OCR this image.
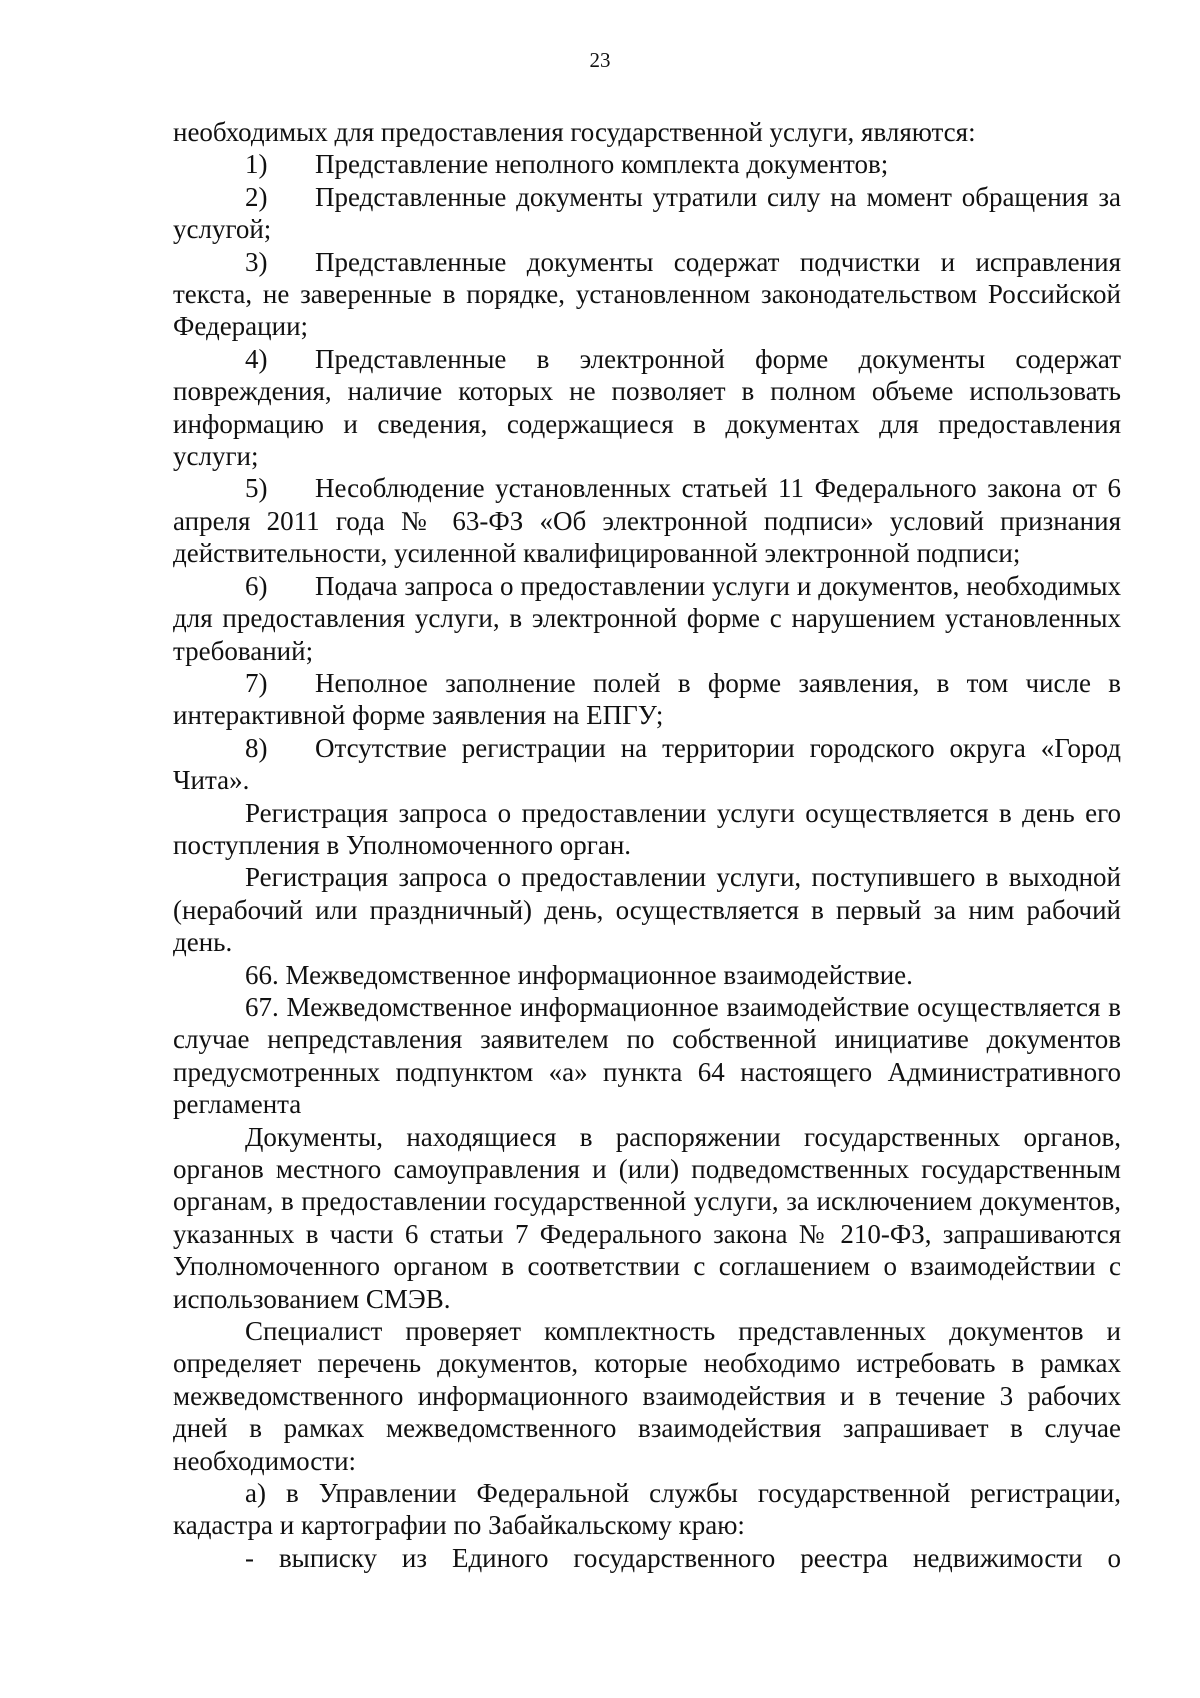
23

необходимых для предоставления государственной услуги, являются:

1)	Представление неполного комплекта документов;
2) Представленные документы утратили силу на момент обращения за услугой;
3) Представленные документы содержат подчистки и исправления текста, не заверенные в порядке, установленном законодательством Российской Федерации;
4) Представленные в электронной форме документы содержат повреждения, наличие которых не позволяет в полном объеме использовать информацию и сведения, содержащиеся в документах для предоставления услуги;
5) Несоблюдение установленных статьей 11 Федерального закона от 6 апреля 2011 года № 63-ФЗ «Об электронной подписи» условий признания действительности, усиленной квалифицированной электронной подписи;
6) Подача запроса о предоставлении услуги и документов, необходимых для предоставления услуги, в электронной форме с нарушением установленных требований;
7) Неполное заполнение полей в форме заявления, в том числе в интерактивной форме заявления на ЕПГУ;
8) Отсутствие регистрации на территории городского округа «Город Чита».

Регистрация запроса о предоставлении услуги осуществляется в день его поступления в Уполномоченного орган.

Регистрация запроса о предоставлении услуги, поступившего в выходной (нерабочий или праздничный) день, осуществляется в первый за ним рабочий день.

66. Межведомственное информационное взаимодействие.

67. Межведомственное информационное взаимодействие осуществляется в случае непредставления заявителем по собственной инициативе документов предусмотренных подпунктом «а» пункта 64 настоящего Административного регламента

Документы, находящиеся в распоряжении государственных органов, органов местного самоуправления и (или) подведомственных государственным органам, в предоставлении государственной услуги, за исключением документов, указанных в части 6 статьи 7 Федерального закона № 210-ФЗ, запрашиваются Уполномоченного органом в соответствии с соглашением о взаимодействии с использованием СМЭВ.

Специалист проверяет комплектность представленных документов и определяет перечень документов, которые необходимо истребовать в рамках межведомственного информационного взаимодействия и в течение 3 рабочих дней в рамках межведомственного взаимодействия запрашивает в случае необходимости:

а) в Управлении Федеральной службы государственной регистрации, кадастра и картографии по Забайкальскому краю:

- выписку из Единого государственного реестра недвижимости о
